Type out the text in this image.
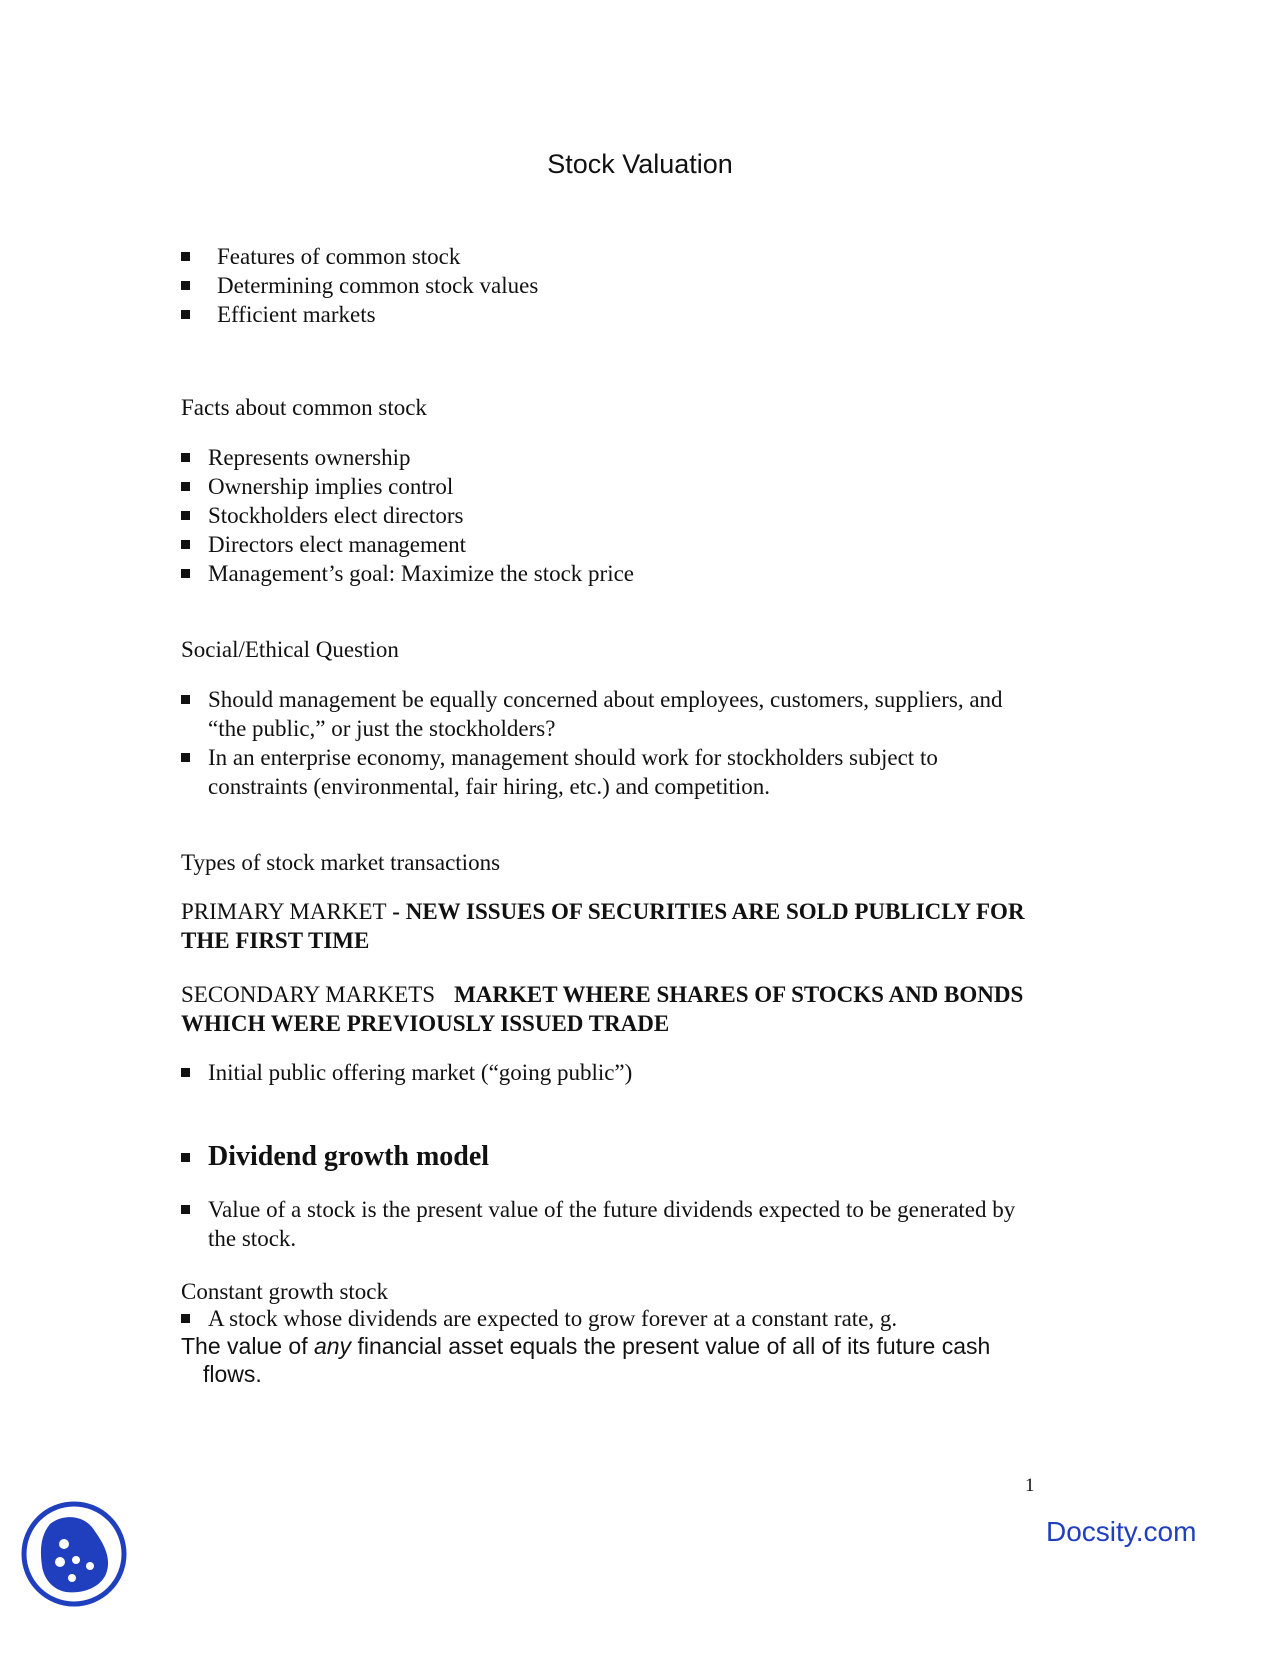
Stock Valuation
Features of common stock
Determining common stock values
Efficient markets
Facts about common stock
Represents ownership
Ownership implies control
Stockholders elect directors
Directors elect management
Management’s goal: Maximize the stock price
Social/Ethical Question
Should management be equally concerned about employees, customers, suppliers, and “the public,” or just the stockholders?
In an enterprise economy, management should work for stockholders subject to constraints (environmental, fair hiring, etc.) and competition.
Types of stock market transactions
PRIMARY MARKET - NEW ISSUES OF SECURITIES ARE SOLD PUBLICLY FOR THE FIRST TIME
SECONDARY MARKETS MARKET WHERE SHARES OF STOCKS AND BONDS WHICH WERE PREVIOUSLY ISSUED TRADE
Initial public offering market (“going public”)
Dividend growth model
Value of a stock is the present value of the future dividends expected to be generated by the stock.
Constant growth stock
A stock whose dividends are expected to grow forever at a constant rate, g.
The value of any financial asset equals the present value of all of its future cash
flows.
1
Docsity.com
